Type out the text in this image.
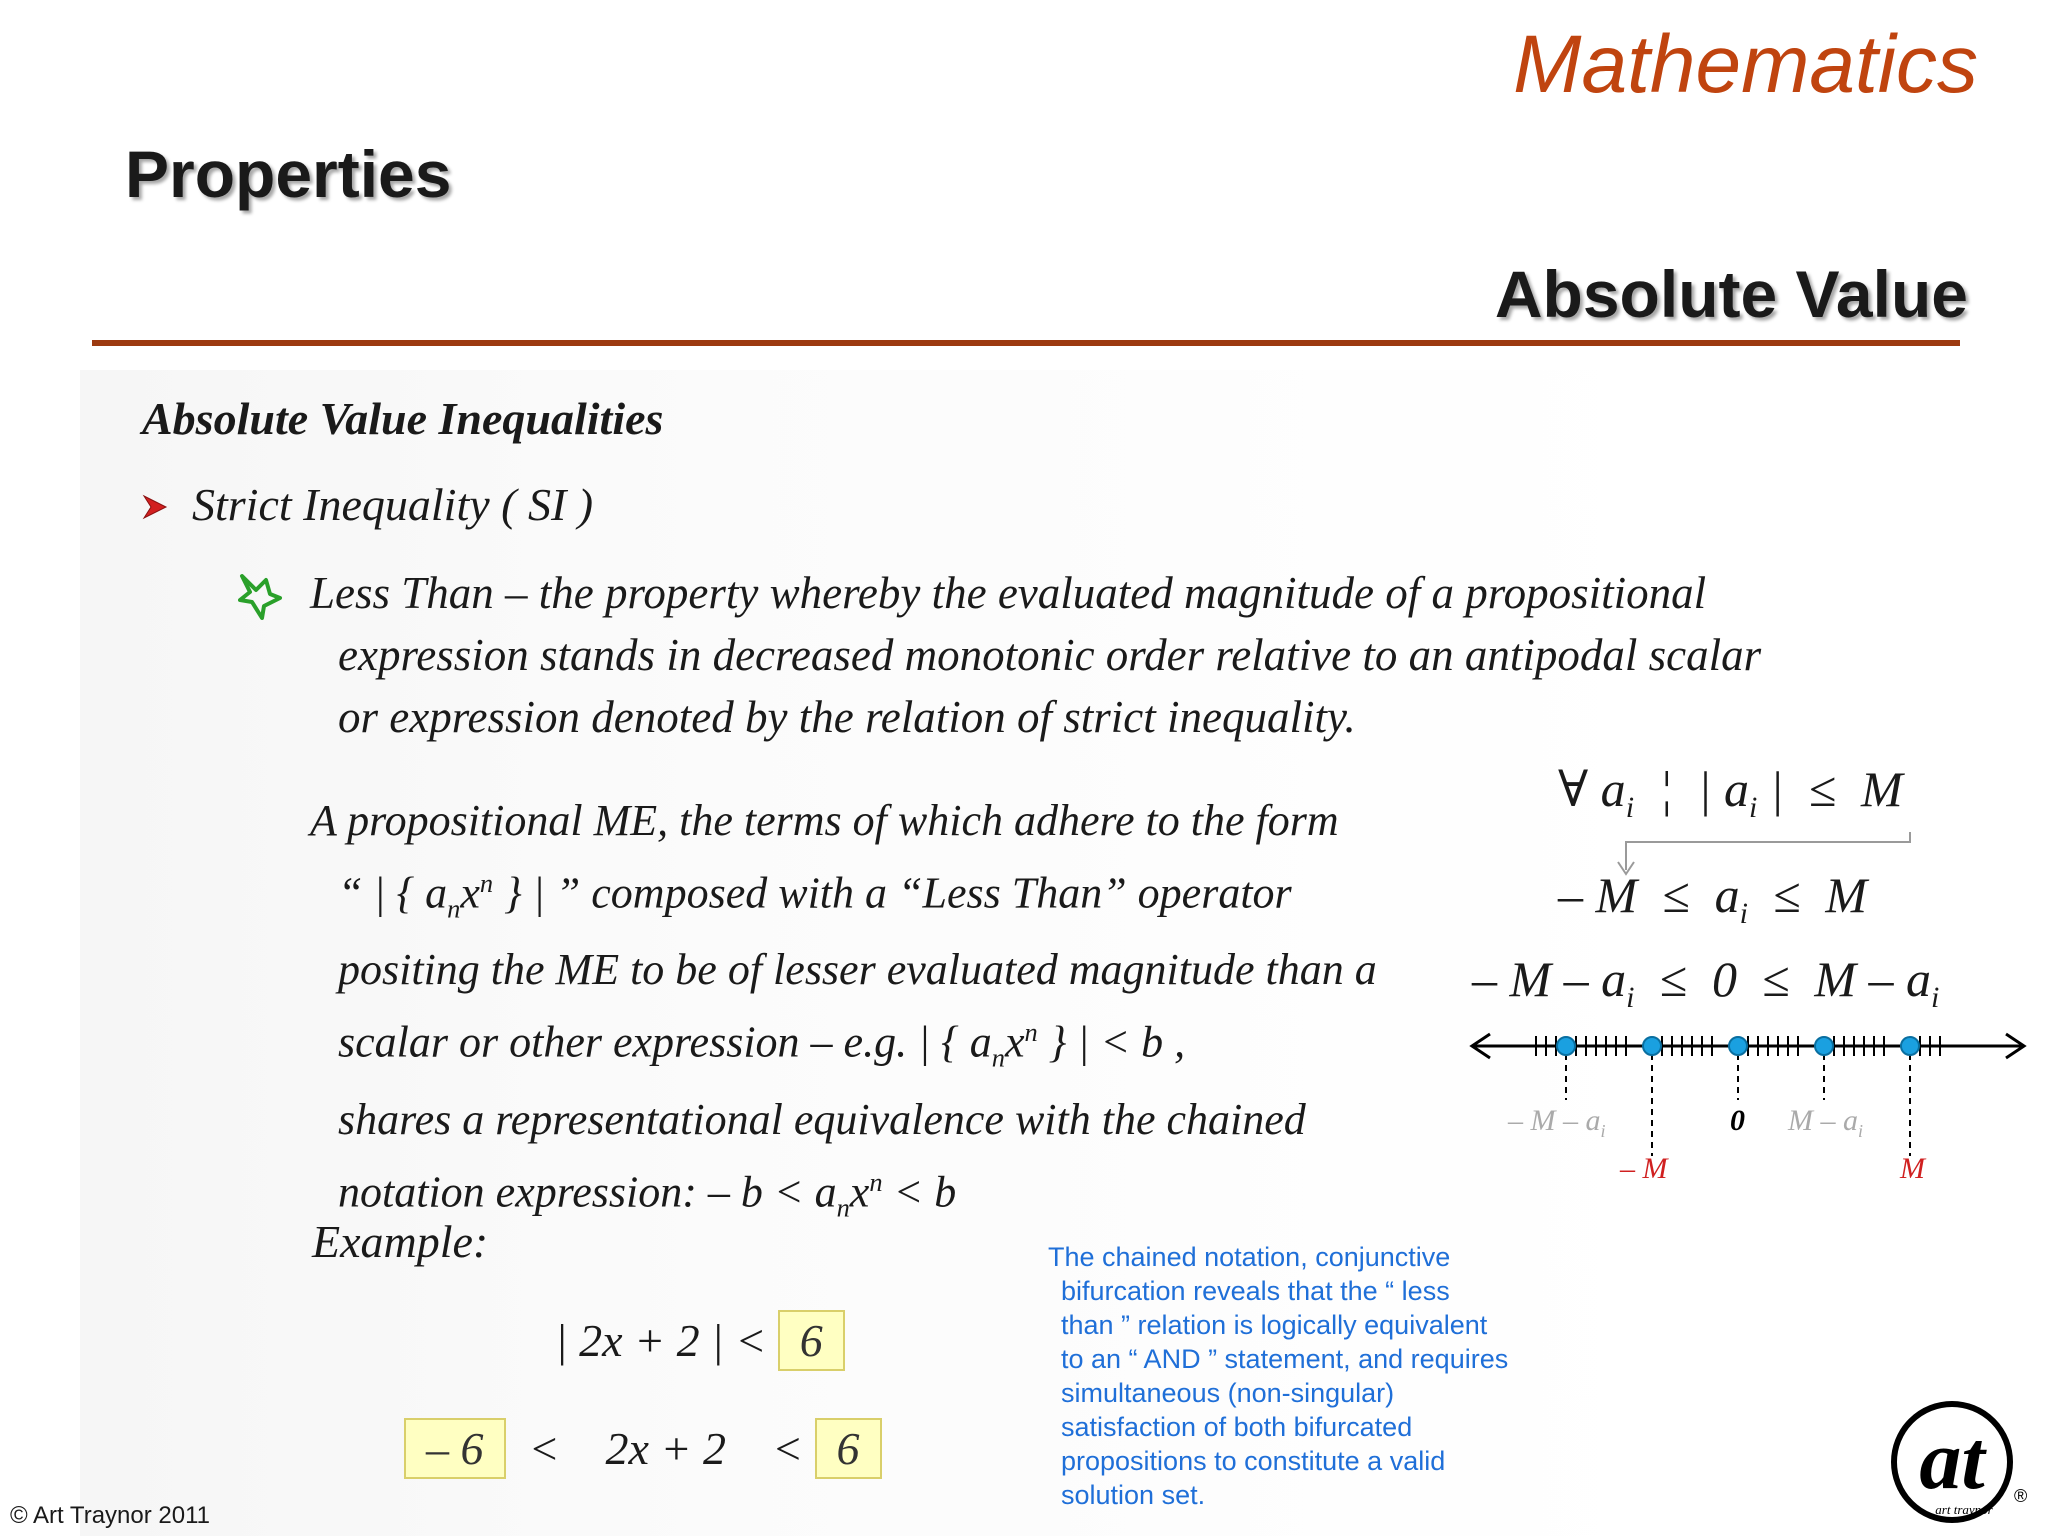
Mathematics
Properties
Absolute Value
Absolute Value Inequalities
Strict Inequality ( SI )
Less Than – the property whereby the evaluated magnitude of a propositional
expression stands in decreased monotonic order relative to an antipodal scalar
or expression denoted by the relation of strict inequality.
A propositional ME, the terms of which adhere to the form
“ | { $a_nx^n$ } | ” composed with a “Less Than” operator
positing the ME to be of lesser evaluated magnitude than a
scalar or other expression – e.g. | { $a_nx^n$ } | < b ,
shares a representational equivalence with the chained
notation expression: – $b < a_nx^n < b$
Example:
| 2x + 2 | < 6
– 6  <    2x + 2    < 6
The chained notation, conjunctive
bifurcation reveals that the “ less
than ” relation is logically equivalent
to an “ AND ” statement, and requires
simultaneous (non-singular)
satisfaction of both bifurcated
propositions to constitute a valid
solution set.
∀ $a_i$  ¦  | $a_i$ |  ≤  M
– $M \le a_i \le M$
– $M - a_i \le 0 \le M - a_i$
– M – $a_i$
– M
0 M – $a_i$
M
© Art Traynor 2011
at
art traynor
®
